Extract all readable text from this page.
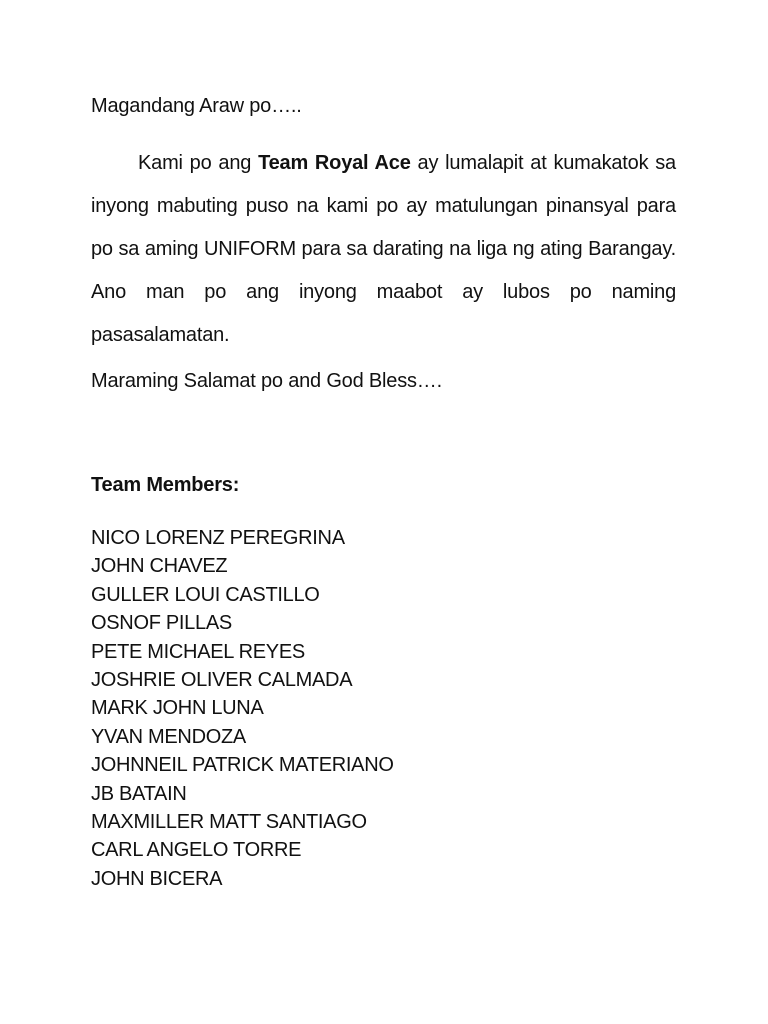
Magandang Araw po…..

Kami po ang Team Royal Ace ay lumalapit at kumakatok sa inyong mabuting puso na kami po ay matulungan pinansyal para po sa aming UNIFORM para sa darating na liga ng ating Barangay. Ano man po ang inyong maabot ay lubos po naming pasasalamatan.

Maraming Salamat po and God Bless….

Team Members:
NICO LORENZ PEREGRINA
JOHN CHAVEZ
GULLER LOUI CASTILLO
OSNOF PILLAS
PETE MICHAEL REYES
JOSHRIE OLIVER CALMADA
MARK JOHN LUNA
YVAN MENDOZA
JOHNNEIL PATRICK MATERIANO
JB BATAIN
MAXMILLER MATT SANTIAGO
CARL ANGELO TORRE
JOHN BICERA
